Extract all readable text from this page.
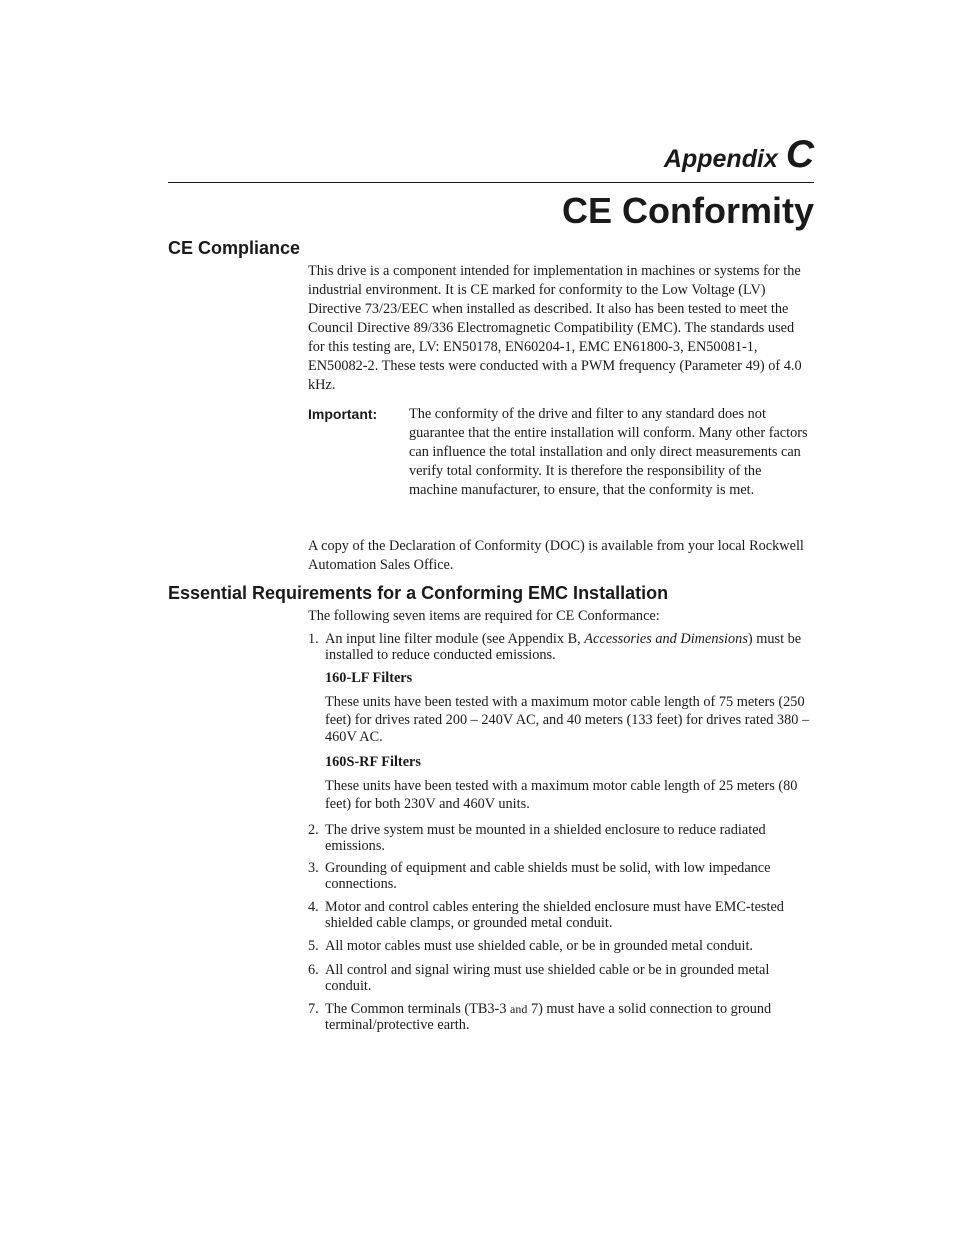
Appendix C
CE Conformity
CE Compliance

This drive is a component intended for implementation in machines or systems for the industrial environment. It is CE marked for conformity to the Low Voltage (LV) Directive 73/23/EEC when installed as described. It also has been tested to meet the Council Directive 89/336 Electromagnetic Compatibility (EMC). The standards used for this testing are, LV: EN50178, EN60204-1, EMC EN61800-3, EN50081-1, EN50082-2. These tests were conducted with a PWM frequency (Parameter 49) of 4.0 kHz.

Important: The conformity of the drive and filter to any standard does not guarantee that the entire installation will conform. Many other factors can influence the total installation and only direct measurements can verify total conformity. It is therefore the responsibility of the machine manufacturer, to ensure, that the conformity is met.

A copy of the Declaration of Conformity (DOC) is available from your local Rockwell Automation Sales Office.

Essential Requirements for a Conforming EMC Installation

The following seven items are required for CE Conformance:

1. An input line filter module (see Appendix B, Accessories and Dimensions) must be installed to reduce conducted emissions.
160-LF Filters

These units have been tested with a maximum motor cable length of 75 meters (250 feet) for drives rated 200 – 240V AC, and 40 meters (133 feet) for drives rated 380 – 460V AC.

160S-RF Filters

These units have been tested with a maximum motor cable length of 25 meters (80 feet) for both 230V and 460V units.

2. The drive system must be mounted in a shielded enclosure to reduce radiated emissions.
3. Grounding of equipment and cable shields must be solid, with low impedance connections.
4. Motor and control cables entering the shielded enclosure must have EMC-tested shielded cable clamps, or grounded metal conduit.
5. All motor cables must use shielded cable, or be in grounded metal conduit.
6. All control and signal wiring must use shielded cable or be in grounded metal conduit.
7. The Common terminals (TB3-3 and 7) must have a solid connection to ground terminal/protective earth.
